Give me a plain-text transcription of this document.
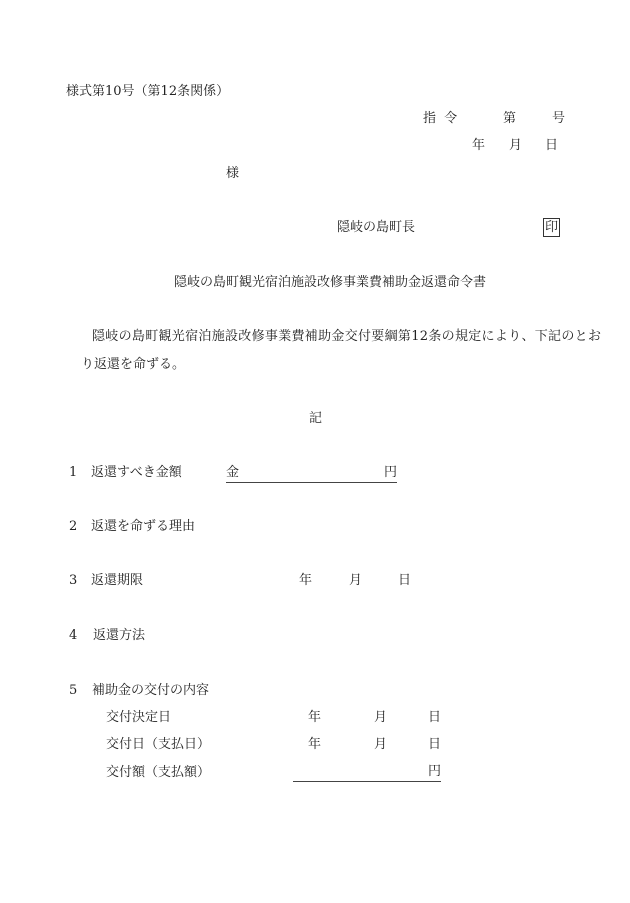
様式第10号（第12条関係）
指 令	第	号
年 月 日
様
隠岐の島町長	印
隠岐の島町観光宿泊施設改修事業費補助金返還命令書
隠岐の島町観光宿泊施設改修事業費補助金交付要綱第12条の規定により、下記のとお
り返還を命ずる。
記
1 返還すべき金額	金	円
2 返還を命ずる理由
3 返還期限	年	月	日
4 返還方法
5 補助金の交付の内容
交付決定日	年	月	日
交付日（支払日）	年	月	日
交付額（支払額）	円
